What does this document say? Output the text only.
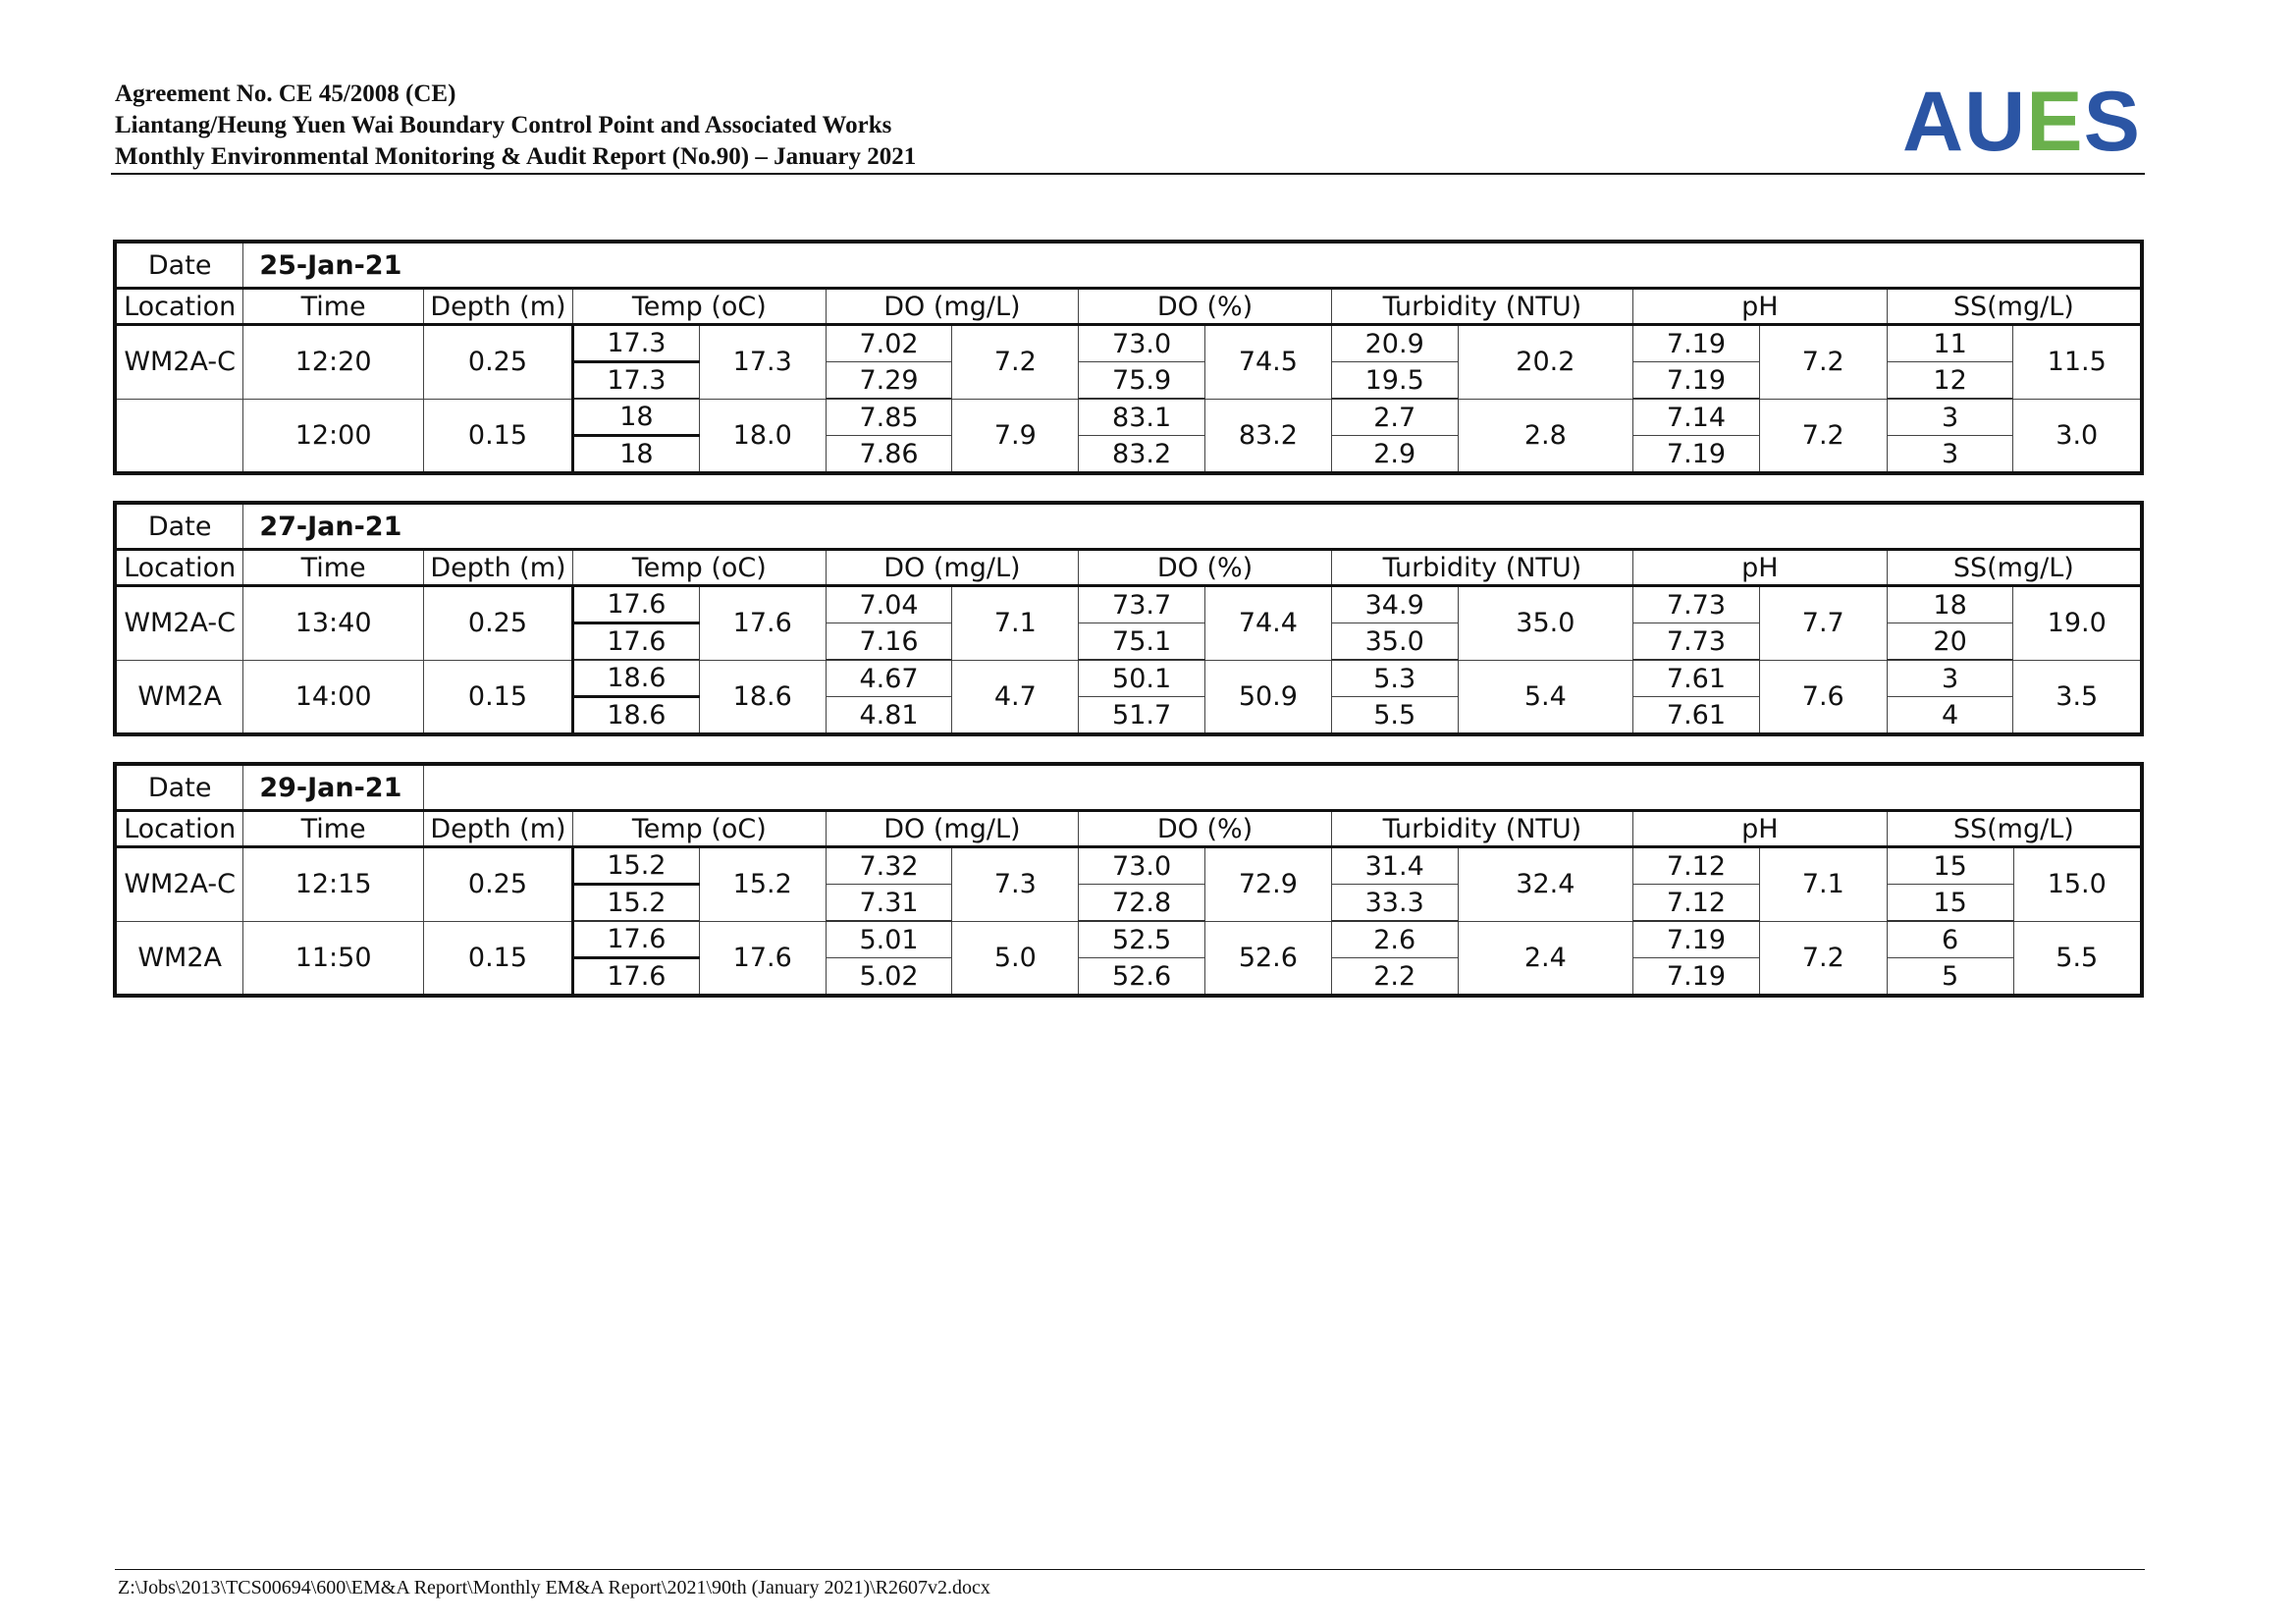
Agreement No. CE 45/2008 (CE)
Liantang/Heung Yuen Wai Boundary Control Point and Associated Works
Monthly Environmental Monitoring & Audit Report (No.90) – January 2021	AUES
Date	25-Jan-21													
Location	Time	Depth (m)	Temp (oC)		DO (mg/L)		DO (%)		Turbidity (NTU)		pH		SS(mg/L)	
WM2A-C	12:20	0.25	17.3	17.3	7.02	7.2	73.0	74.5	20.9	20.2	7.19	7.2	11	11.5
			17.3		7.29		75.9		19.5		7.19		12	
	12:00	0.15	18	18.0	7.85	7.9	83.1	83.2	2.7	2.8	7.14	7.2	3	3.0
			18		7.86		83.2		2.9		7.19		3	
Date	27-Jan-21													
Location	Time	Depth (m)	Temp (oC)		DO (mg/L)		DO (%)		Turbidity (NTU)		pH		SS(mg/L)	
WM2A-C	13:40	0.25	17.6	17.6	7.04	7.1	73.7	74.4	34.9	35.0	7.73	7.7	18	19.0
			17.6		7.16		75.1		35.0		7.73		20	
WM2A	14:00	0.15	18.6	18.6	4.67	4.7	50.1	50.9	5.3	5.4	7.61	7.6	3	3.5
			18.6		4.81		51.7		5.5		7.61		4	
Date	29-Jan-21													
Location	Time	Depth (m)	Temp (oC)		DO (mg/L)		DO (%)		Turbidity (NTU)		pH		SS(mg/L)	
WM2A-C	12:15	0.25	15.2	15.2	7.32	7.3	73.0	72.9	31.4	32.4	7.12	7.1	15	15.0
			15.2		7.31		72.8		33.3		7.12		15	
WM2A	11:50	0.15	17.6	17.6	5.01	5.0	52.5	52.6	2.6	2.4	7.19	7.2	6	5.5
			17.6		5.02		52.6		2.2		7.19		5	
Z:\Jobs\2013\TCS00694\600\EM&A Report\Monthly EM&A Report\2021\90th (January 2021)\R2607v2.docx
